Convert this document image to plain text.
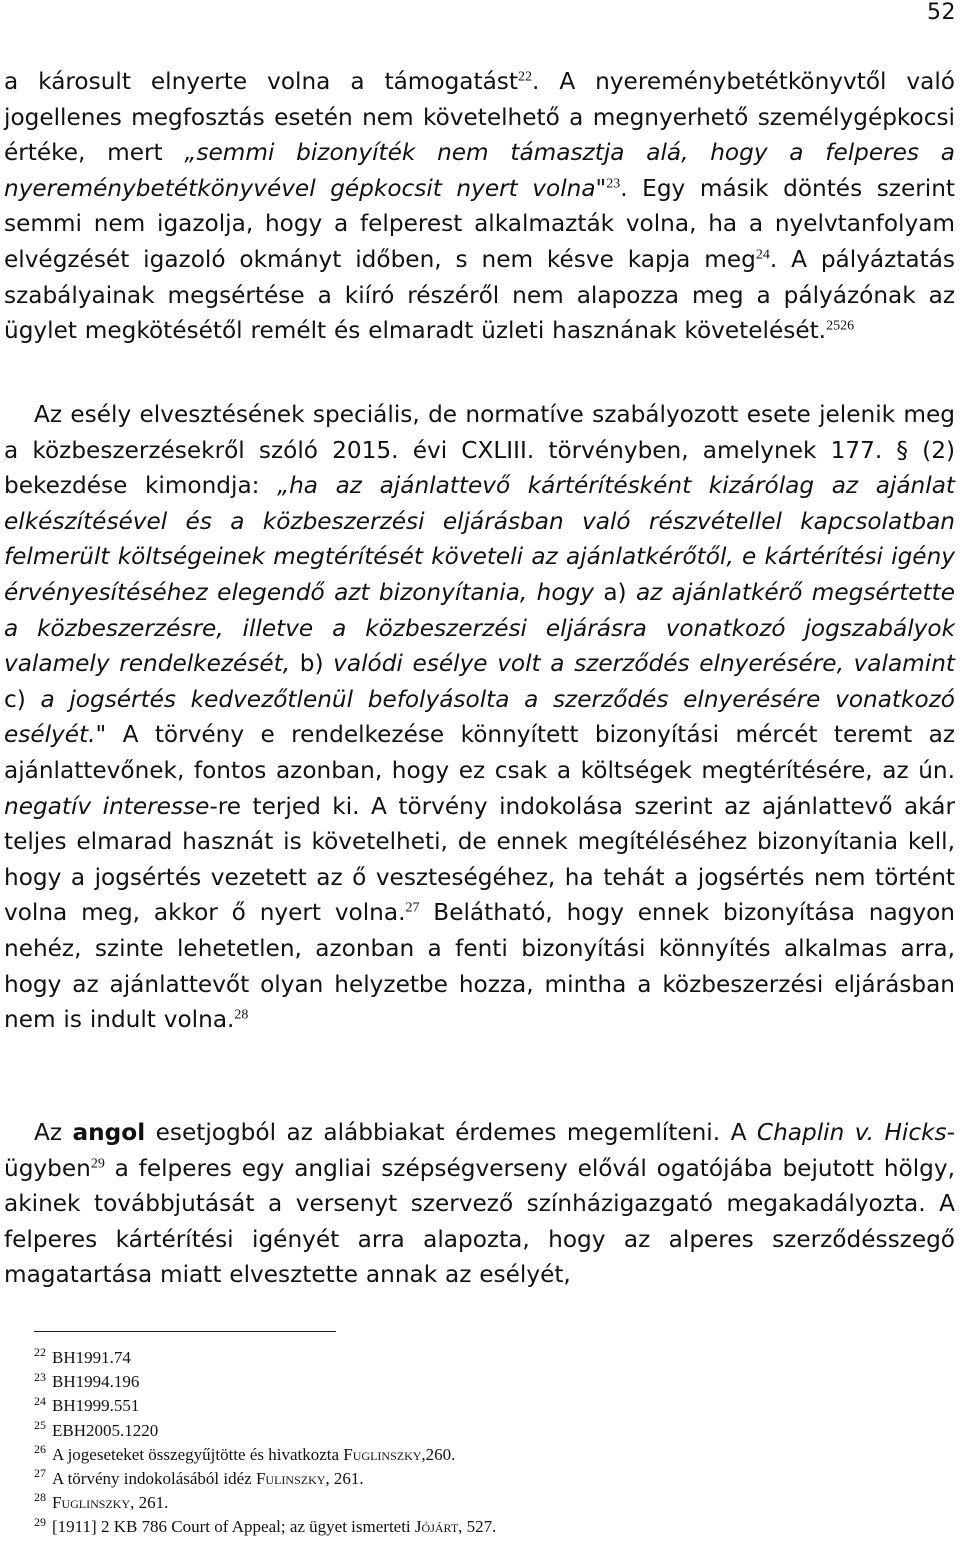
52
a károsult elnyerte volna a támogatást$^{22}$. A nyereménybetétkönyvtől való jogellenes megfosztás esetén nem követelhető a megnyerhető személygépkocsi értéke, mert „semmi bizonyíték nem támasztja alá, hogy a felperes a nyereménybetétkönyvével gépkocsit nyert volna"$^{23}$. Egy másik döntés szerint semmi nem igazolja, hogy a felperest alkalmazták volna, ha a nyelvtanfolyam elvégzését igazoló okmányt időben, s nem késve kapja meg$^{24}$. A pályáztatás szabályainak megsértése a kiíró részéről nem alapozza meg a pályázónak az ügylet megkötésétől remélt és elmaradt üzleti hasznának követelését.$^{2526}$
Az esély elvesztésének speciális, de normatíve szabályozott esete jelenik meg a közbeszerzésekről szóló 2015. évi CXLIII. törvényben, amelynek 177. § (2) bekezdése kimondja: „ha az ajánlattevő kártérítésként kizárólag az ajánlat elkészítésével és a közbeszerzési eljárásban való részvétellel kapcsolatban felmerült költségeinek megtérítését követeli az ajánlatkérőtől, e kártérítési igény érvényesítéséhez elegendő azt bizonyítania, hogy a) az ajánlatkérő megsértette a közbeszerzésre, illetve a közbeszerzési eljárásra vonatkozó jogszabályok valamely rendelkezését, b) valódi esélye volt a szerződés elnyerésére, valamint c) a jogsértés kedvezőtlenül befolyásolta a szerződés elnyerésére vonatkozó esélyét." A törvény e rendelkezése könnyített bizonyítási mércét teremt az ajánlattevőnek, fontos azonban, hogy ez csak a költségek megtérítésére, az ún. negatív interesse-re terjed ki. A törvény indokolása szerint az ajánlattevő akár teljes elmarad hasznát is követelheti, de ennek megítéléséhez bizonyítania kell, hogy a jogsértés vezetett az ő veszteségéhez, ha tehát a jogsértés nem történt volna meg, akkor ő nyert volna.$^{27}$ Belátható, hogy ennek bizonyítása nagyon nehéz, szinte lehetetlen, azonban a fenti bizonyítási könnyítés alkalmas arra, hogy az ajánlattevőt olyan helyzetbe hozza, mintha a közbeszerzési eljárásban nem is indult volna.$^{28}$
Az angol esetjogból az alábbiakat érdemes megemlíteni. A Chaplin v. Hicks-ügyben$^{29}$ a felperes egy angliai szépségverseny elővál ogatójába bejutott hölgy, akinek továbbjutását a versenyt szervező színházigazgató megakadályozta. A felperes kártérítési igényét arra alapozta, hogy az alperes szerződésszegő magatartása miatt elvesztette annak az esélyét,
$^{22}$ BH1991.74
$^{23}$ BH1994.196
$^{24}$ BH1999.551
$^{25}$ EBH2005.1220
$^{26}$ A jogeseteket összegyűjtötte és hivatkozta Fuglinszky,260.
$^{27}$ A törvény indokolásából idéz Fulinszky, 261.
$^{28}$ Fuglinszky, 261.
$^{29}$ [1911] 2 KB 786 Court of Appeal; az ügyet ismerteti Jójárt, 527.
